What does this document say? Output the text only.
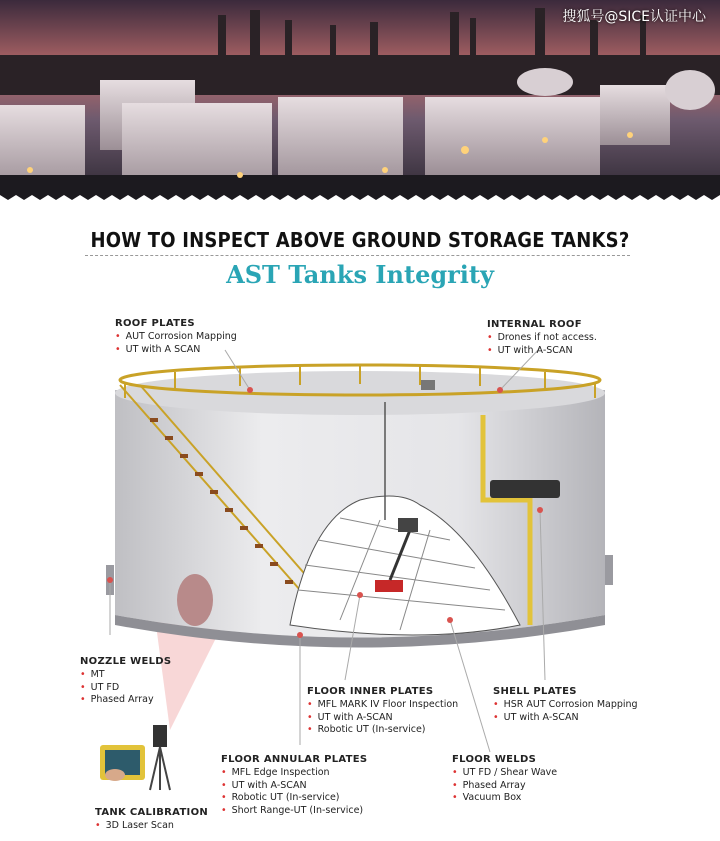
搜狐号@SICE认证中心
HOW TO INSPECT ABOVE GROUND STORAGE TANKS?
AST Tanks Integrity
ROOF PLATES
• AUT Corrosion Mapping
• UT with A SCAN
INTERNAL ROOF
• Drones if not access.
• UT with A-SCAN
NOZZLE WELDS
• MT
• UT FD
• Phased Array
FLOOR INNER PLATES
• MFL MARK IV Floor Inspection
• UT with A-SCAN
• Robotic UT (In-service)
SHELL PLATES
• HSR AUT Corrosion Mapping
• UT with A-SCAN
FLOOR ANNULAR PLATES
• MFL Edge Inspection
• UT with A-SCAN
• Robotic UT (In-service)
• Short Range-UT (In-service)
FLOOR WELDS
• UT FD / Shear Wave
• Phased Array
• Vacuum Box
TANK CALIBRATION
• 3D Laser Scan
